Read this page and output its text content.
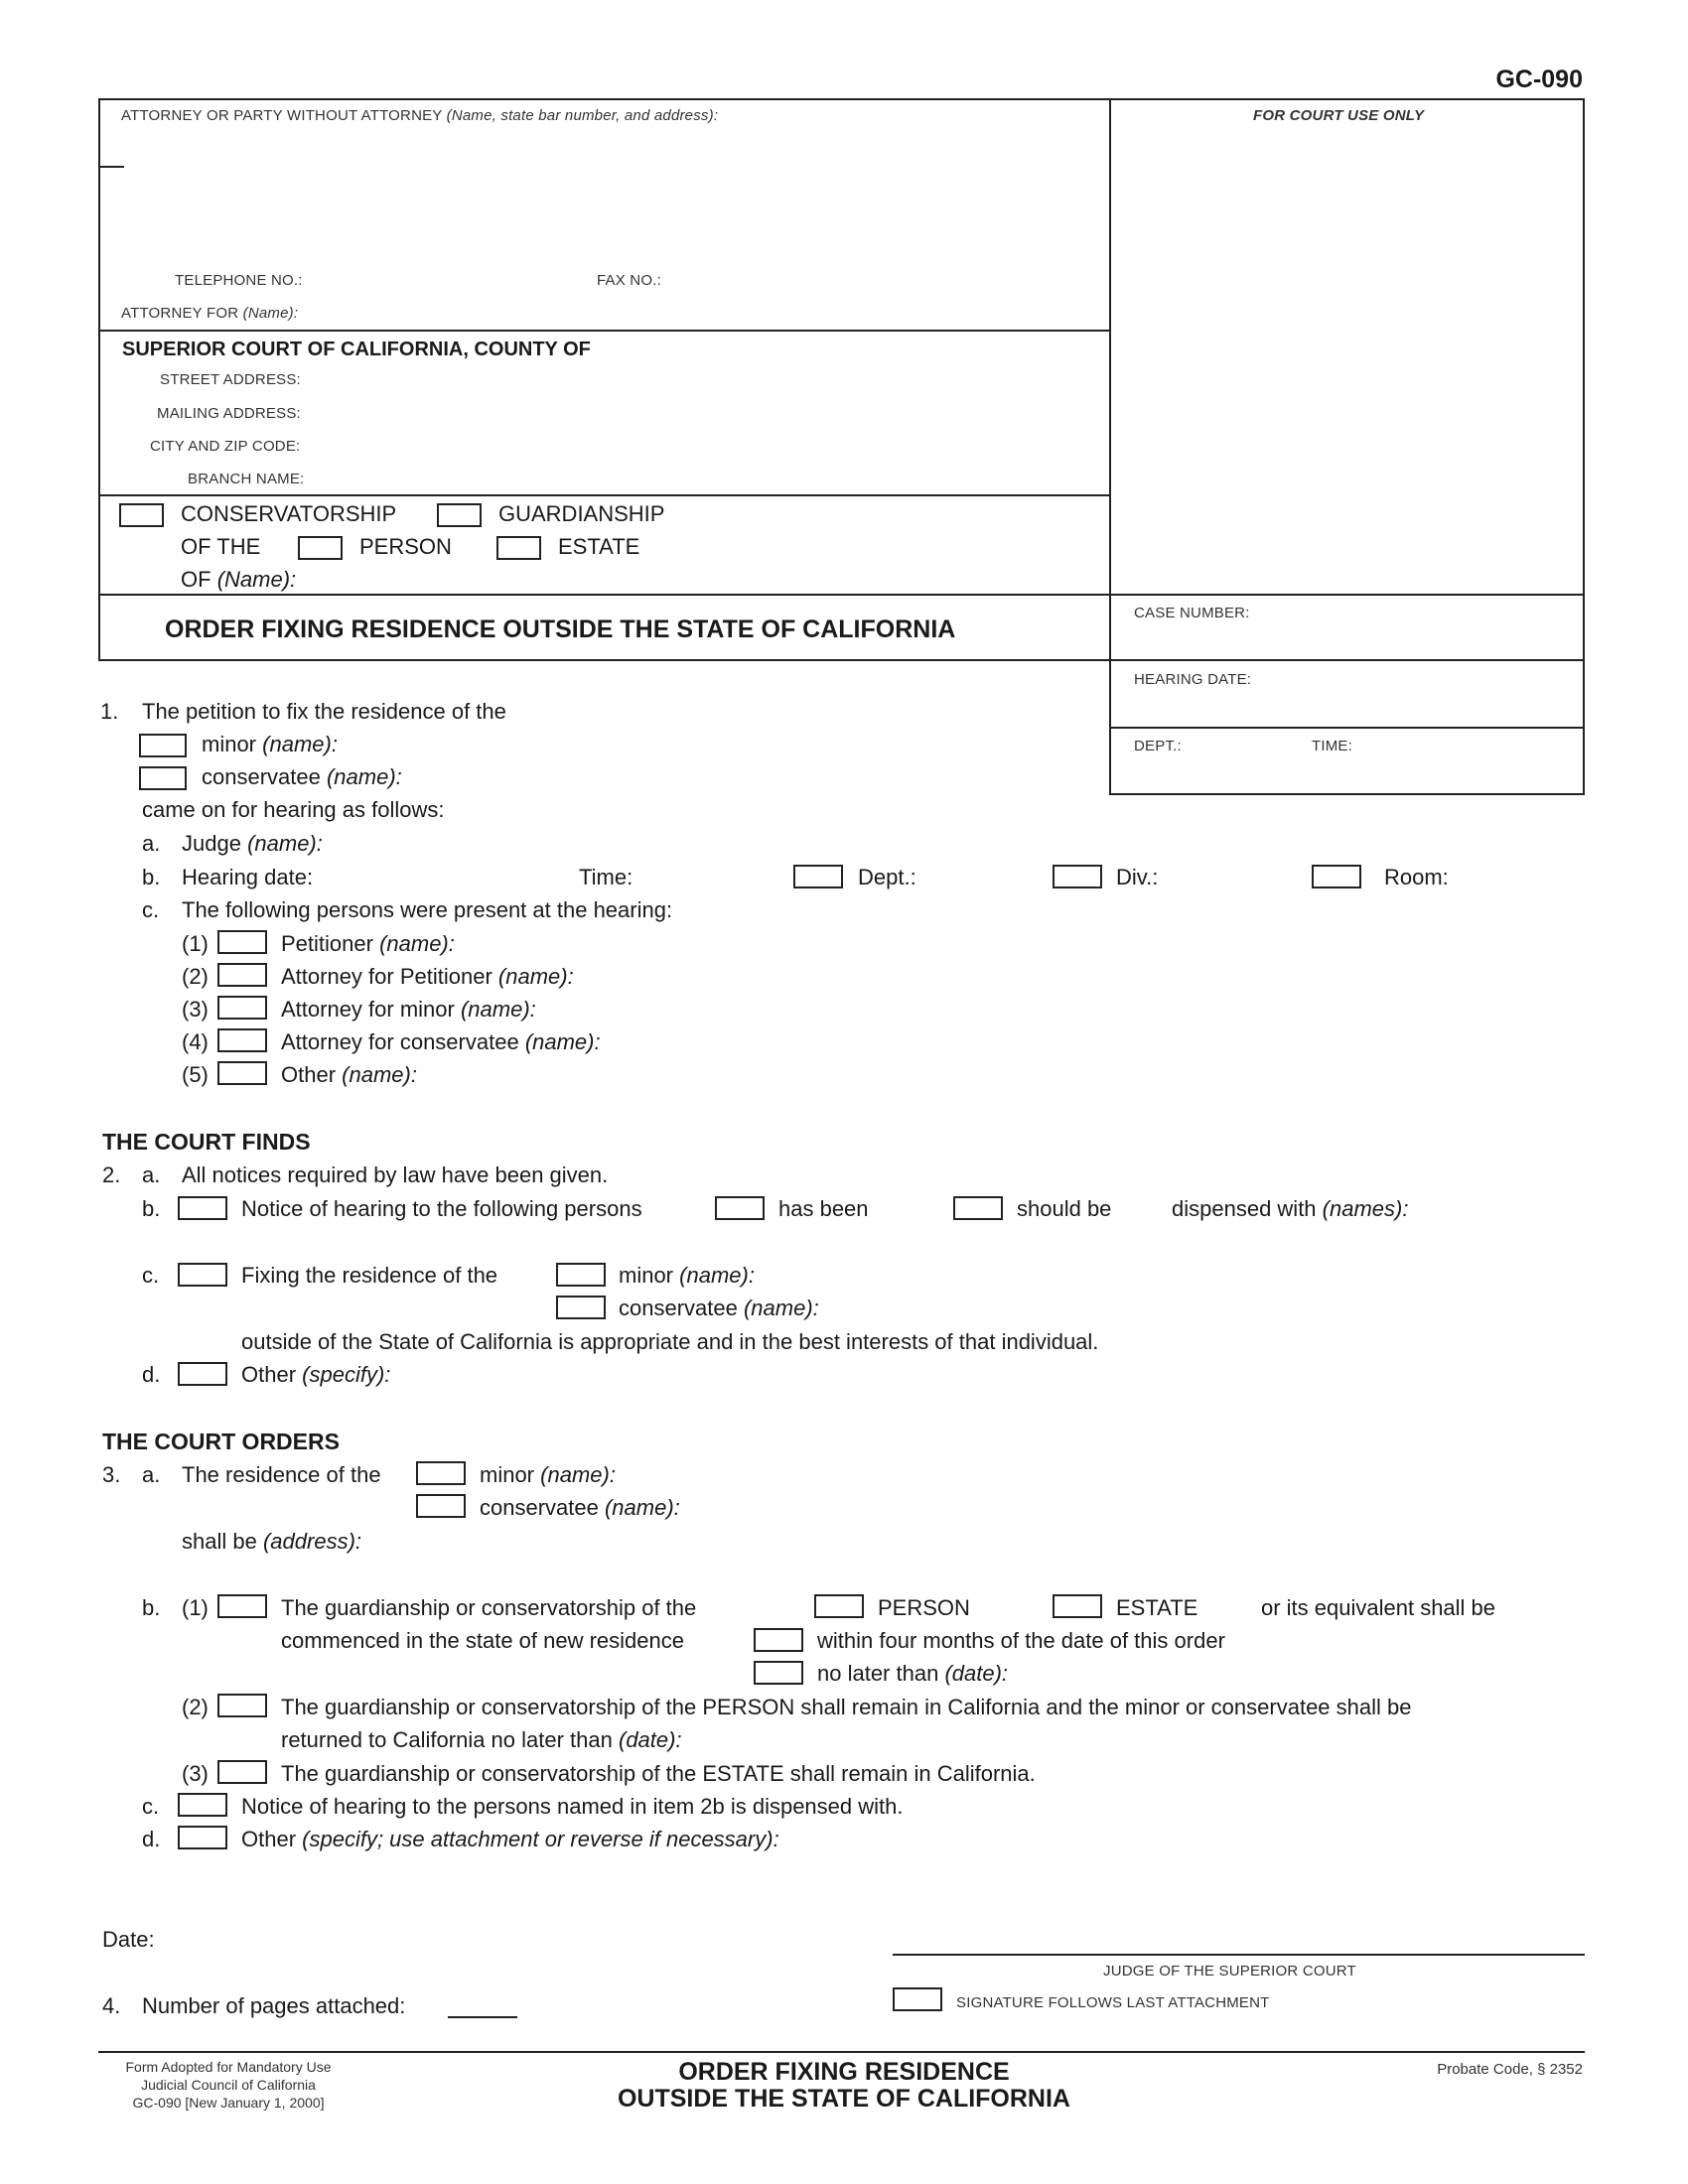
GC-090
ATTORNEY OR PARTY WITHOUT ATTORNEY (Name, state bar number, and address):	FOR COURT USE ONLY
TELEPHONE NO.:	FAX NO.:
ATTORNEY FOR (Name):
SUPERIOR COURT OF CALIFORNIA, COUNTY OF
STREET ADDRESS:
MAILING ADDRESS:
CITY AND ZIP CODE:
BRANCH NAME:
CONSERVATORSHIP	GUARDIANSHIP
OF THE	PERSON	ESTATE
OF (Name):
ORDER FIXING RESIDENCE OUTSIDE THE STATE OF CALIFORNIA
CASE NUMBER:
HEARING DATE:
DEPT.:	TIME:
1. The petition to fix the residence of the
minor (name):
conservatee (name):
came on for hearing as follows:
a. Judge (name):
b. Hearing date:	Time:	Dept.:	Div.:	Room:
c. The following persons were present at the hearing:
(1)	Petitioner (name):
(2)	Attorney for Petitioner (name):
(3)	Attorney for minor (name):
(4)	Attorney for conservatee (name):
(5)	Other (name):
THE COURT FINDS
2. a. All notices required by law have been given.
b.	Notice of hearing to the following persons	has been	should be	dispensed with (names):
c.	Fixing the residence of the	minor (name):
conservatee (name):
outside of the State of California is appropriate and in the best interests of that individual.
d.	Other (specify):
THE COURT ORDERS
3. a. The residence of the	minor (name):
conservatee (name):
shall be (address):
b. (1)	The guardianship or conservatorship of the	PERSON	ESTATE	or its equivalent shall be
commenced in the state of new residence	within four months of the date of this order
no later than (date):
(2)	The guardianship or conservatorship of the PERSON shall remain in California and the minor or conservatee shall be
returned to California no later than (date):
(3)	The guardianship or conservatorship of the ESTATE shall remain in California.
c.	Notice of hearing to the persons named in item 2b is dispensed with.
d.	Other (specify; use attachment or reverse if necessary):
Date:
JUDGE OF THE SUPERIOR COURT
SIGNATURE FOLLOWS LAST ATTACHMENT
4. Number of pages attached:
Form Adopted for Mandatory Use
Judicial Council of California
GC-090 [New January 1, 2000]
ORDER FIXING RESIDENCE
OUTSIDE THE STATE OF CALIFORNIA
Probate Code, § 2352
